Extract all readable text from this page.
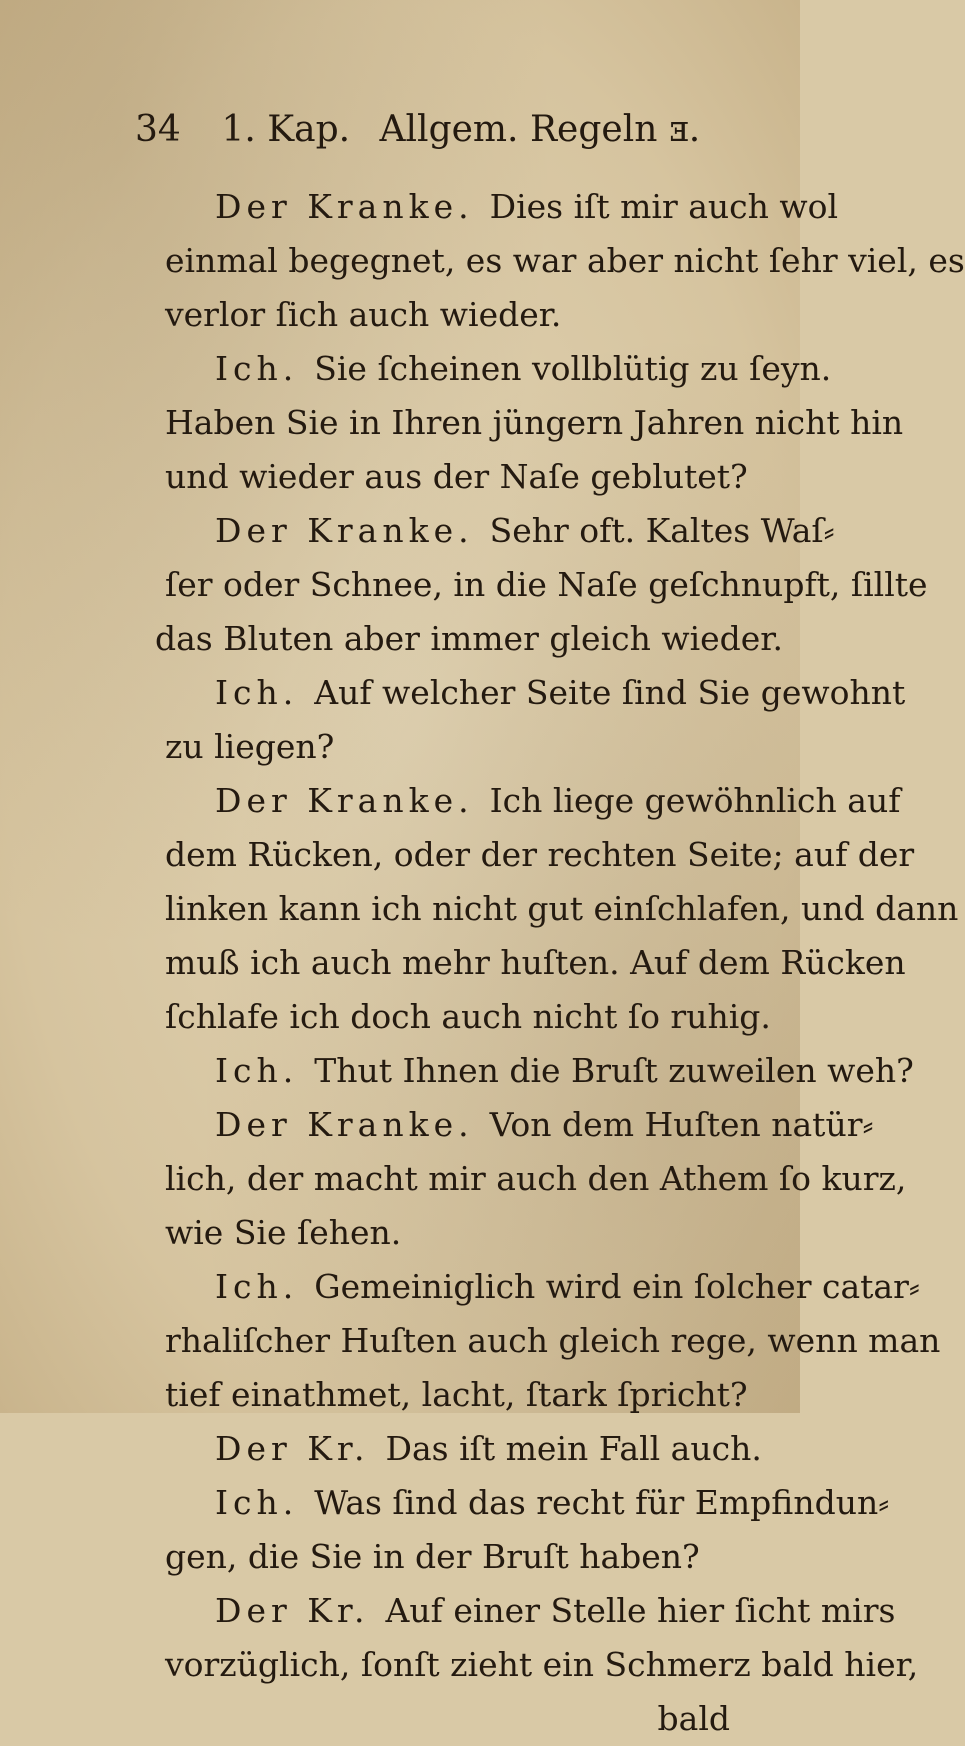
34 1. Kap. Allgem. Regeln ⱻ.
Der Kranke. Dies iſt mir auch wol
einmal begegnet, es war aber nicht ſehr viel, es
verlor ſich auch wieder.
Ich. Sie ſcheinen vollblütig zu ſeyn.
Haben Sie in Ihren jüngern Jahren nicht hin
und wieder aus der Naſe geblutet?
Der Kranke. Sehr oft. Kaltes Waſ⸗
ſer oder Schnee, in die Naſe geſchnupft, ſillte
das Bluten aber immer gleich wieder.
Ich. Auf welcher Seite ſind Sie gewohnt
zu liegen?
Der Kranke. Ich liege gewöhnlich auf
dem Rücken, oder der rechten Seite; auf der
linken kann ich nicht gut einſchlafen, und dann
muß ich auch mehr huſten. Auf dem Rücken
ſchlafe ich doch auch nicht ſo ruhig.
Ich. Thut Ihnen die Bruſt zuweilen weh?
Der Kranke. Von dem Huſten natür⸗
lich, der macht mir auch den Athem ſo kurz,
wie Sie ſehen.
Ich. Gemeiniglich wird ein ſolcher catar⸗
rhaliſcher Huſten auch gleich rege, wenn man
tief einathmet, lacht, ſtark ſpricht?
Der Kr. Das iſt mein Fall auch.
Ich. Was ſind das recht für Empfindun⸗
gen, die Sie in der Bruſt haben?
Der Kr. Auf einer Stelle hier ſicht mirs
vorzüglich, ſonſt zieht ein Schmerz bald hier,
bald
